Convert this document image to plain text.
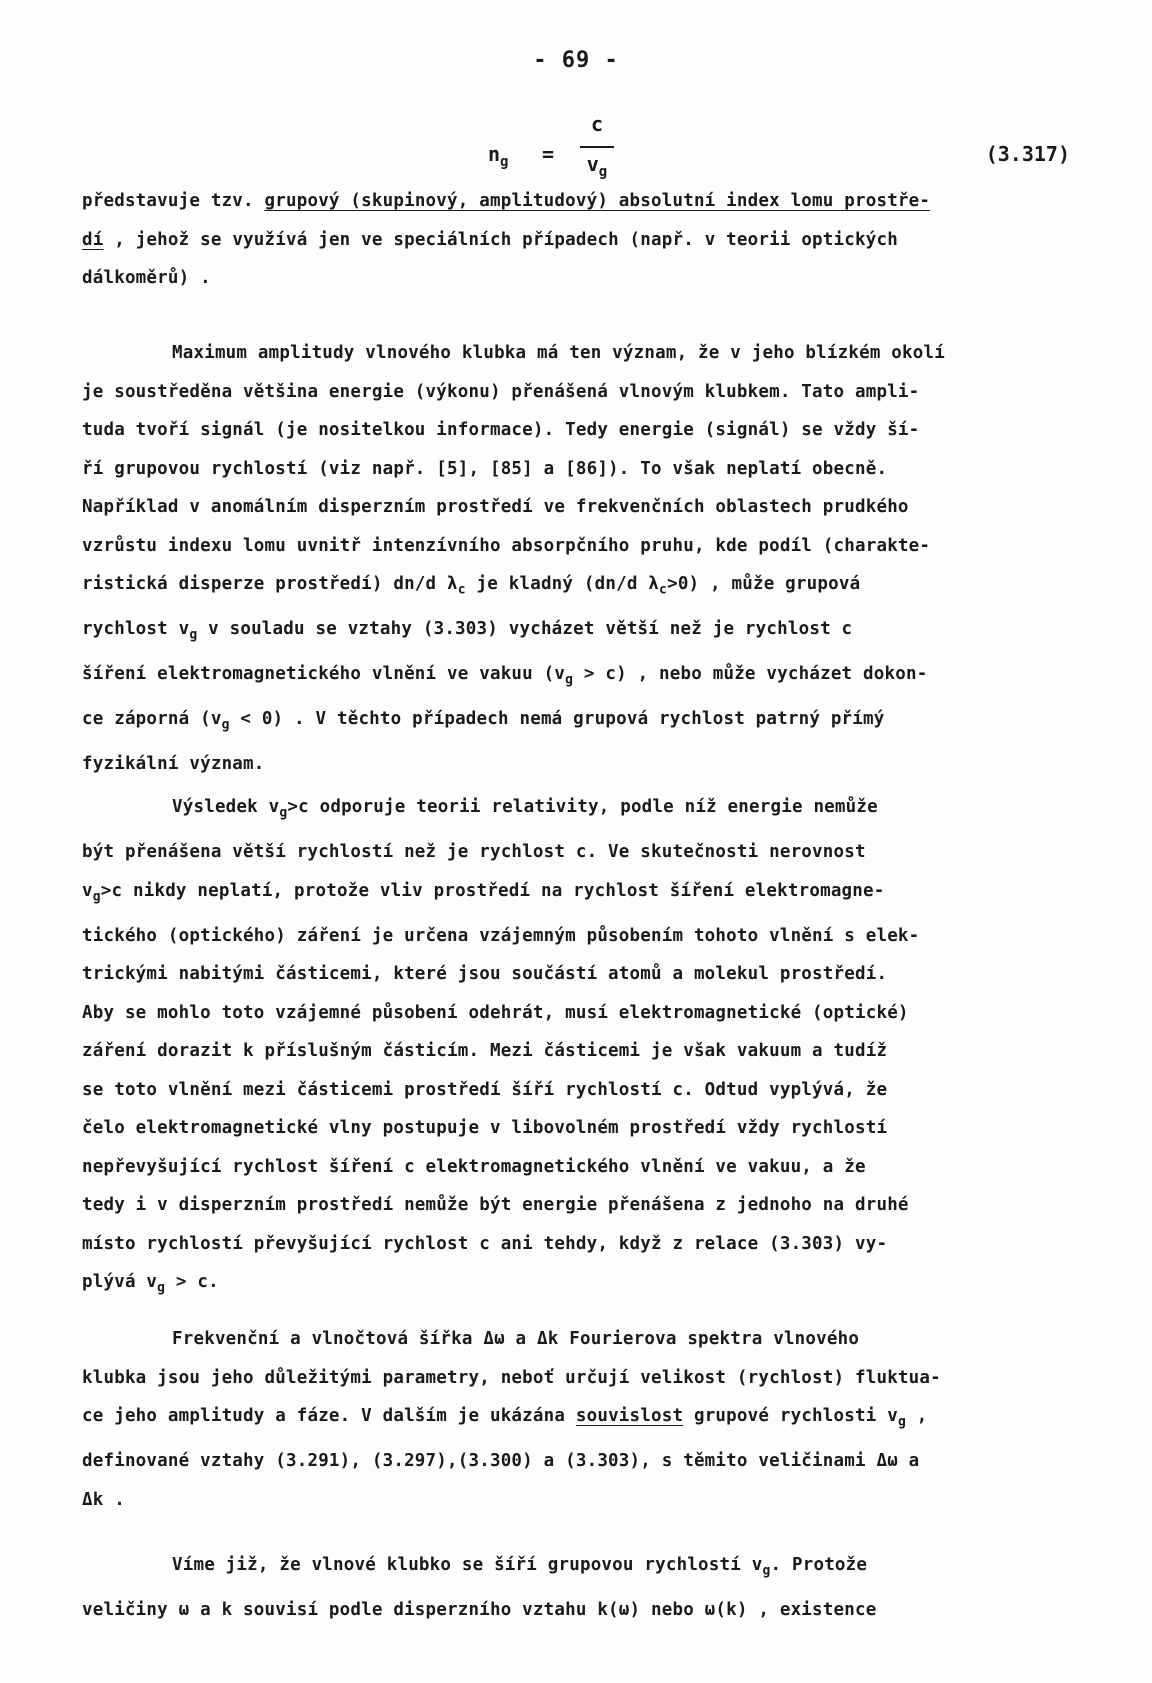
- 69 -
$n_g$ =
c
$v_g$
(3.317)
představuje tzv. grupový (skupinový, amplitudový) absolutní index lomu prostře-
dí , jehož se využívá jen ve speciálních případech (např. v teorii optických
dálkoměrů) .
Maximum amplitudy vlnového klubka má ten význam, že v jeho blízkém okolí
je soustředěna většina energie (výkonu) přenášená vlnovým klubkem. Tato ampli-
tuda tvoří signál (je nositelkou informace). Tedy energie (signál) se vždy ší-
ří grupovou rychlostí (viz např. [5], [85] a [86]). To však neplatí obecně.
Například v anomálním disperzním prostředí ve frekvenčních oblastech prudkého
vzrůstu indexu lomu uvnitř intenzívního absorpčního pruhu, kde podíl (charakte-
ristická disperze prostředí) dn/d $\lambda_c$ je kladný (dn/d $\lambda_c>0$) , může grupová
rychlost $v_g$ v souladu se vztahy (3.303) vycházet větší než je rychlost c
šíření elektromagnetického vlnění ve vakuu $(v_g > c)$ , nebo může vycházet dokon-
ce záporná $(v_g < 0)$ . V těchto případech nemá grupová rychlost patrný přímý
fyzikální význam.
Výsledek $v_g>c$ odporuje teorii relativity, podle níž energie nemůže
být přenášena větší rychlostí než je rychlost c. Ve skutečnosti nerovnost
$v_g>c$ nikdy neplatí, protože vliv prostředí na rychlost šíření elektromagne-
tického (optického) záření je určena vzájemným působením tohoto vlnění s elek-
trickými nabitými částicemi, které jsou součástí atomů a molekul prostředí.
Aby se mohlo toto vzájemné působení odehrát, musí elektromagnetické (optické)
záření dorazit k příslušným částicím. Mezi částicemi je však vakuum a tudíž
se toto vlnění mezi částicemi prostředí šíří rychlostí c. Odtud vyplývá, že
čelo elektromagnetické vlny postupuje v libovolném prostředí vždy rychlostí
nepřevyšující rychlost šíření c elektromagnetického vlnění ve vakuu, a že
tedy i v disperzním prostředí nemůže být energie přenášena z jednoho na druhé
místo rychlostí převyšující rychlost c ani tehdy, když z relace (3.303) vy-
plývá $v_g > c$.
Frekvenční a vlnočtová šířka Δω a Δk Fourierova spektra vlnového
klubka jsou jeho důležitými parametry, neboť určují velikost (rychlost) fluktua-
ce jeho amplitudy a fáze. V dalším je ukázána souvislost grupové rychlosti $v_g$ ,
definované vztahy (3.291), (3.297),(3.300) a (3.303), s těmito veličinami Δω a
Δk .
Víme již, že vlnové klubko se šíří grupovou rychlostí $v_g$. Protože
veličiny ω a k souvisí podle disperzního vztahu k(ω) nebo ω(k) , existence
